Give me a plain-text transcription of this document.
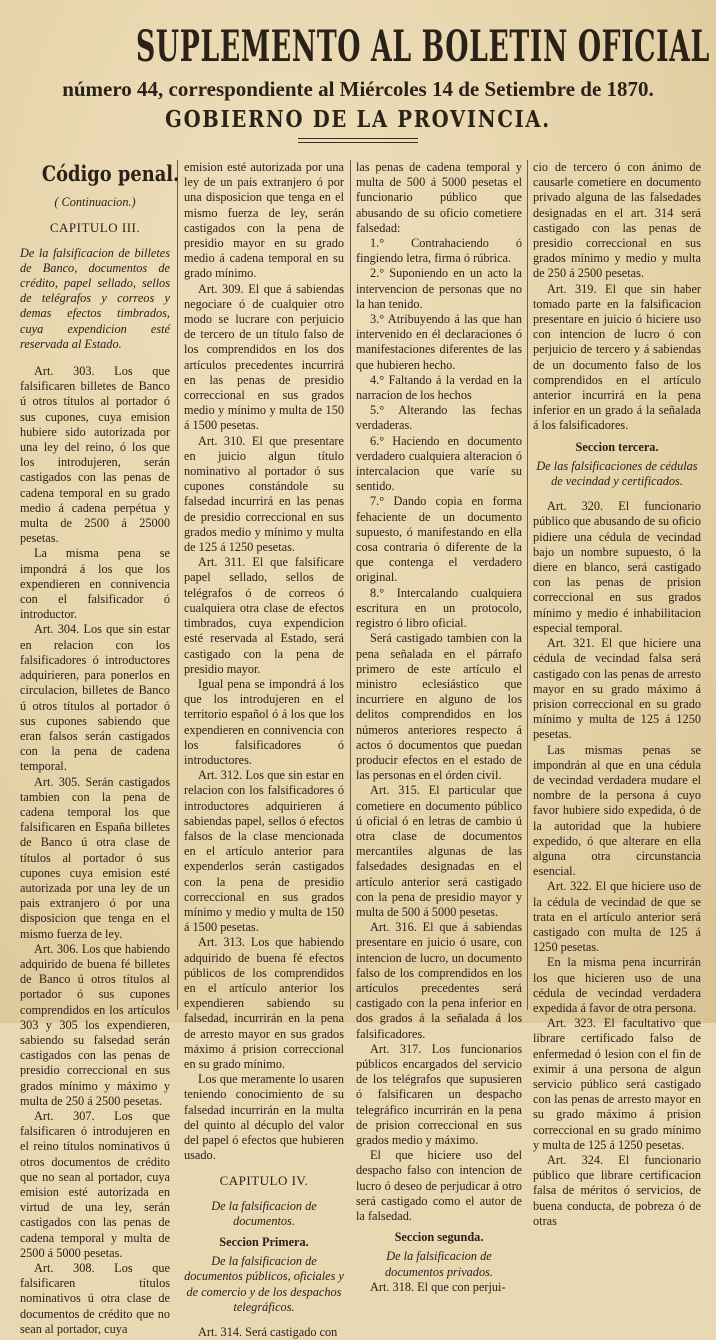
SUPLEMENTO AL BOLETIN OFICIAL
número 44, correspondiente al Miércoles 14 de Setiembre de 1870.
GOBIERNO DE LA PROVINCIA.

Código penal.

( Continuacion.)

CAPITULO III.

De la falsificacion de billetes de Banco, documentos de crédito, papel sellado, sellos de telégrafos y correos y demas efectos timbrados, cuya expendicion esté reservada al Estado.

Art. 303. Los que falsificaren billetes de Banco ú otros títulos al portador ó sus cupones, cuya emision hubiere sido autorizada por una ley del reino, ó los que los introdujeren, serán castigados con las penas de cadena temporal en su grado medio á cadena perpétua y multa de 2500 á 25000 pesetas.

La misma pena se impondrá á los que los expendieren en connivencia con el falsificador ó introductor.

Art. 304. Los que sin estar en relacion con los falsificadores ó introductores adquirieren, para ponerlos en circulacion, billetes de Banco ú otros títulos al portador ó sus cupones sabiendo que eran falsos serán castigados con la pena de cadena temporal.

Art. 305. Serán castigados tambien con la pena de cadena temporal los que falsificaren en España billetes de Banco ú otra clase de títulos al portador ó sus cupones cuya emision esté autorizada por una ley de un pais extranjero ó por una disposicion que tenga en el mismo fuerza de ley.

Art. 306. Los que habiendo adquirido de buena fé billetes de Banco ú otros títulos al portador ó sus cupones comprendidos en los artículos 303 y 305 los expendieren, sabiendo su falsedad serán castigados con las penas de presidio correccional en sus grados mínimo y máximo y multa de 250 á 2500 pesetas.

Art. 307. Los que falsificaren ó introdujeren en el reino títulos nominativos ú otros documentos de crédito que no sean al portador, cuya emision esté autorizada en virtud de una ley, serán castigados con las penas de cadena temporal y multa de 2500 á 5000 pesetas.

Art. 308. Los que falsificaren títulos nominativos ú otra clase de documentos de crédito que no sean al portador, cuya

emision esté autorizada por una ley de un pais extranjero ó por una disposicion que tenga en el mismo fuerza de ley, serán castigados con la pena de presidio mayor en su grado medio á cadena temporal en su grado mínimo.

Art. 309. El que á sabiendas negociare ó de cualquier otro modo se lucrare con perjuicio de tercero de un título falso de los comprendidos en los dos artículos precedentes incurrirá en las penas de presidio correccional en sus grados medio y mínimo y multa de 150 á 1500 pesetas.

Art. 310. El que presentare en juicio algun título nominativo al portador ó sus cupones constándole su falsedad incurrirá en las penas de presidio correccional en sus grados medio y mínimo y multa de 125 á 1250 pesetas.

Art. 311. El que falsificare papel sellado, sellos de telégrafos ó de correos ó cualquiera otra clase de efectos timbrados, cuya expendicion esté reservada al Estado, será castigado con la pena de presidio mayor.

Igual pena se impondrá á los que los introdujeren en el territorio español ó á los que los expendieren en connivencia con los falsificadores ó introductores.

Art. 312. Los que sin estar en relacion con los falsificadores ó introductores adquirieren á sabiendas papel, sellos ó efectos falsos de la clase mencionada en el artículo anterior para expenderlos serán castigados con la pena de presidio correccional en sus grados mínimo y medio y multa de 150 á 1500 pesetas.

Art. 313. Los que habiendo adquirido de buena fé efectos públicos de los comprendidos en el artículo anterior los expendieren sabiendo su falsedad, incurrirán en la pena de arresto mayor en sus grados máximo á prision correccional en su grado mínimo.

Los que meramente lo usaren teniendo conocimiento de su falsedad incurrirán en la multa del quinto al décuplo del valor del papel ó efectos que hubieren usado.

CAPITULO IV.

De la falsificacion de documentos.

Seccion Primera.

De la falsificacion de documentos públicos, oficiales y de comercio y de los despachos telegráficos.

Art. 314. Será castigado con

las penas de cadena temporal y multa de 500 á 5000 pesetas el funcionario público que abusando de su oficio cometiere falsedad:

1.° Contrahaciendo ó fingiendo letra, firma ó rúbrica.

2.° Suponiendo en un acto la intervencion de personas que no la han tenido.

3.° Atribuyendo á las que han intervenido en él declaraciones ó manifestaciones diferentes de las que hubieren hecho.

4.° Faltando á la verdad en la narracion de los hechos

5.° Alterando las fechas verdaderas.

6.° Haciendo en documento verdadero cualquiera alteracion ó intercalacion que varíe su sentido.

7.° Dando copia en forma fehaciente de un documento supuesto, ó manifestando en ella cosa contraria ó diferente de la que contenga el verdadero original.

8.° Intercalando cualquiera escritura en un protocolo, registro ó libro oficial.

Será castigado tambien con la pena señalada en el párrafo primero de este artículo el ministro eclesiástico que incurriere en alguno de los delitos comprendidos en los números anteriores respecto á actos ó documentos que puedan producir efectos en el estado de las personas en el órden civil.

Art. 315. El particular que cometiere en documento público ú oficial ó en letras de cambio ú otra clase de documentos mercantiles algunas de las falsedades designadas en el artículo anterior será castigado con la pena de presidio mayor y multa de 500 á 5000 pesetas.

Art. 316. El que á sabiendas presentare en juicio ó usare, con intencion de lucro, un documento falso de los comprendidos en los artículos precedentes será castigado con la pena inferior en dos grados á la señalada á los falsificadores.

Art. 317. Los funcionarios públicos encargados del servicio de los telégrafos que supusieren ó falsificaren un despacho telegráfico incurrirán en la pena de prision correccional en sus grados medio y máximo.

El que hiciere uso del despacho falso con intencion de lucro ó deseo de perjudicar á otro será castigado como el autor de la falsedad.

Seccion segunda.

De la falsificacion de documentos privados.

Art. 318. El que con perjui-

cio de tercero ó con ánimo de causarle cometiere en documento privado alguna de las falsedades designadas en el art. 314 será castigado con las penas de presidio correccional en sus grados mínimo y medio y multa de 250 á 2500 pesetas.

Art. 319. El que sin haber tomado parte en la falsificacion presentare en juicio ó hiciere uso con intencion de lucro ó con perjuicio de tercero y á sabiendas de un documento falso de los comprendidos en el artículo anterior incurrirá en la pena inferior en un grado á la señalada á los falsificadores.

Seccion tercera.

De las falsificaciones de cédulas de vecindad y certificados.

Art. 320. El funcionario público que abusando de su oficio pidiere una cédula de vecindad bajo un nombre supuesto, ó la diere en blanco, será castigado con las penas de prision correccional en sus grados mínimo y medio é inhabilitacion especial temporal.

Art. 321. El que hiciere una cédula de vecindad falsa será castigado con las penas de arresto mayor en su grado máximo á prision correccional en su grado mínimo y multa de 125 á 1250 pesetas.

Las mismas penas se impondrán al que en una cédula de vecindad verdadera mudare el nombre de la persona á cuyo favor hubiere sido expedida, ó de la autoridad que la hubiere expedido, ó que alterare en ella alguna otra circunstancia esencial.

Art. 322. El que hiciere uso de la cédula de vecindad de que se trata en el artículo anterior será castigado con multa de 125 á 1250 pesetas.

En la misma pena incurrirán los que hicieren uso de una cédula de vecindad verdadera expedida á favor de otra persona.

Art. 323. El facultativo que librare certificado falso de enfermedad ó lesion con el fin de eximir á una persona de algun servicio público será castigado con las penas de arresto mayor en su grado máximo á prision correccional en su grado mínimo y multa de 125 á 1250 pesetas.

Art. 324. El funcionario público que librare certificacion falsa de méritos ó servicios, de buena conducta, de pobreza ó de otras
